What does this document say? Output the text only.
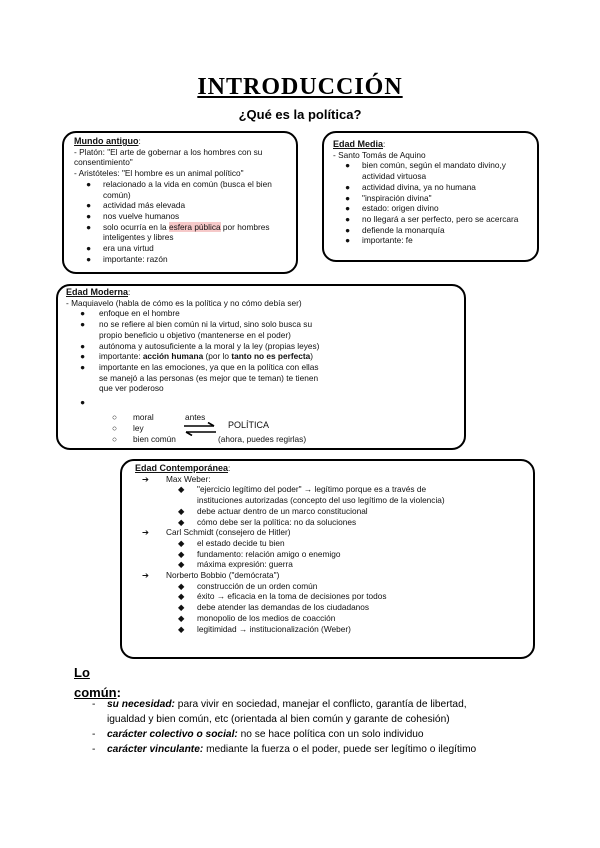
INTRODUCCIÓN
¿Qué es la política?
Mundo antiguo:
- Platón: "El arte de gobernar a los hombres con su
consentimiento"
- Aristóteles: "El hombre es un animal político"
● relacionado a la vida en común (busca el bien
común)
● actividad más elevada
● nos vuelve humanos
● solo ocurría en la esfera pública por hombres
inteligentes y libres
● era una virtud
● importante: razón
Edad Media:
- Santo Tomás de Aquino
● bien común, según el mandato divino,y
actividad virtuosa
● actividad divina, ya no humana
● "inspiración divina"
● estado: origen divino
● no llegará a ser perfecto, pero se acercara
● defiende la monarquía
● importante: fe
Edad Moderna:
- Maquiavelo (habla de cómo es la política y no cómo debía ser)
● enfoque en el hombre
● no se refiere al bien común ni la virtud, sino solo busca su
propio beneficio u objetivo (mantenerse en el poder)
● autónoma y autosuficiente a la moral y la ley (propias leyes)
● importante: acción humana (por lo tanto no es perfecta)
● importante en las emociones, ya que en la política con ellas
se manejó a las personas (es mejor que te teman) te tienen
que ver poderoso
●
○ moral	antes
○ ley	POLÍTICA
○ bien común	(ahora, puedes regirlas)
Edad Contemporánea:
➔ Max Weber:
◆ "ejercicio legítimo del poder" → legítimo porque es a través de
instituciones autorizadas (concepto del uso legítimo de la violencia)
◆ debe actuar dentro de un marco constitucional
◆ cómo debe ser la política: no da soluciones
➔ Carl Schmidt (consejero de Hitler)
◆ el estado decide tu bien
◆ fundamento: relación amigo o enemigo
◆ máxima expresión: guerra
➔ Norberto Bobbio ("demócrata")
◆ construcción de un orden común
◆ éxito → eficacia en la toma de decisiones por todos
◆ debe atender las demandas de los ciudadanos
◆ monopolio de los medios de coacción
◆ legitimidad → institucionalización (Weber)
Lo
común:
- su necesidad: para vivir en sociedad, manejar el conflicto, garantía de libertad,
igualdad y bien común, etc (orientada al bien común y garante de cohesión)
- carácter colectivo o social: no se hace política con un solo individuo
- carácter vinculante: mediante la fuerza o el poder, puede ser legítimo o ilegítimo
